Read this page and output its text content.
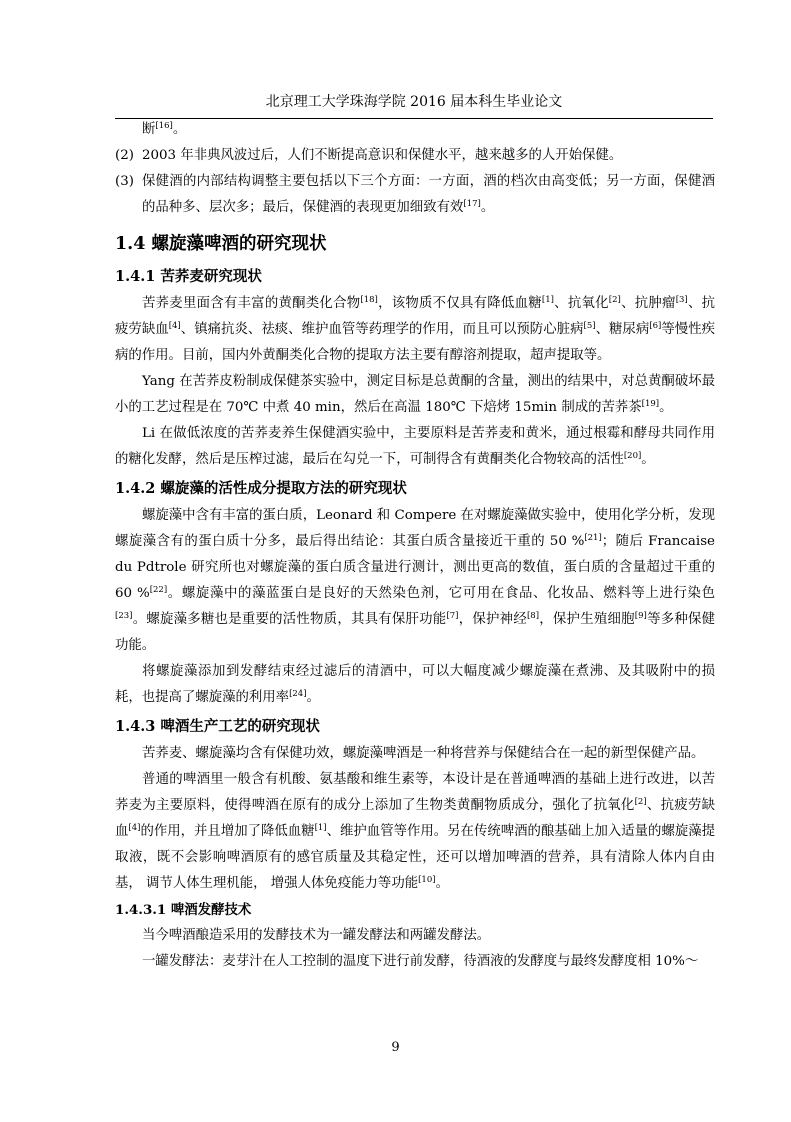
北京理工大学珠海学院 2016 届本科生毕业论文

断[16]。

(2) 2003 年非典风波过后，人们不断提高意识和保健水平，越来越多的人开始保健。
(3) 保健酒的内部结构调整主要包括以下三个方面：一方面，酒的档次由高变低；另一方面，保健酒的品种多、层次多；最后，保健酒的表现更加细致有效[17]。
1.4 螺旋藻啤酒的研究现状
1.4.1 苦荞麦研究现状

苦荞麦里面含有丰富的黄酮类化合物[18]，该物质不仅具有降低血糖[1]、抗氧化[2]、抗肿瘤[3]、抗疲劳缺血[4]、镇痛抗炎、祛痰、维护血管等药理学的作用，而且可以预防心脏病[5]、糖尿病[6]等慢性疾病的作用。目前，国内外黄酮类化合物的提取方法主要有醇溶剂提取，超声提取等。

Yang 在苦荞皮粉制成保健茶实验中，测定目标是总黄酮的含量，测出的结果中，对总黄酮破坏最小的工艺过程是在 70℃ 中煮 40 min，然后在高温 180℃ 下焙烤 15min 制成的苦荞茶[19]。

Li 在做低浓度的苦荞麦养生保健酒实验中，主要原料是苦荞麦和黄米，通过根霉和酵母共同作用的糖化发酵，然后是压榨过滤，最后在勾兑一下，可制得含有黄酮类化合物较高的活性[20]。

1.4.2 螺旋藻的活性成分提取方法的研究现状

螺旋藻中含有丰富的蛋白质，Leonard 和 Compere 在对螺旋藻做实验中，使用化学分析，发现螺旋藻含有的蛋白质十分多，最后得出结论：其蛋白质含量接近干重的 50 %[21]；随后 Francaise du Pdtrole 研究所也对螺旋藻的蛋白质含量进行测计，测出更高的数值，蛋白质的含量超过干重的 60 %[22]。螺旋藻中的藻蓝蛋白是良好的天然染色剂，它可用在食品、化妆品、燃料等上进行染色[23]。螺旋藻多糖也是重要的活性物质，其具有保肝功能[7]，保护神经[8]，保护生殖细胞[9]等多种保健功能。

将螺旋藻添加到发酵结束经过滤后的清酒中，可以大幅度减少螺旋藻在煮沸、及其吸附中的损耗，也提高了螺旋藻的利用率[24]。

1.4.3 啤酒生产工艺的研究现状

苦荞麦、螺旋藻均含有保健功效，螺旋藻啤酒是一种将营养与保健结合在一起的新型保健产品。

普通的啤酒里一般含有机酸、氨基酸和维生素等，本设计是在普通啤酒的基础上进行改进，以苦荞麦为主要原料，使得啤酒在原有的成分上添加了生物类黄酮物质成分，强化了抗氧化[2]、抗疲劳缺血[4]的作用，并且增加了降低血糖[1]、维护血管等作用。另在传统啤酒的酿基础上加入适量的螺旋藻提取液，既不会影响啤酒原有的感官质量及其稳定性，还可以增加啤酒的营养，具有清除人体内自由基， 调节人体生理机能， 增强人体免疫能力等功能[10]。

1.4.3.1 啤酒发酵技术

当今啤酒酿造采用的发酵技术为一罐发酵法和两罐发酵法。

一罐发酵法：麦芽汁在人工控制的温度下进行前发酵，待酒液的发酵度与最终发酵度相 10%～

9
